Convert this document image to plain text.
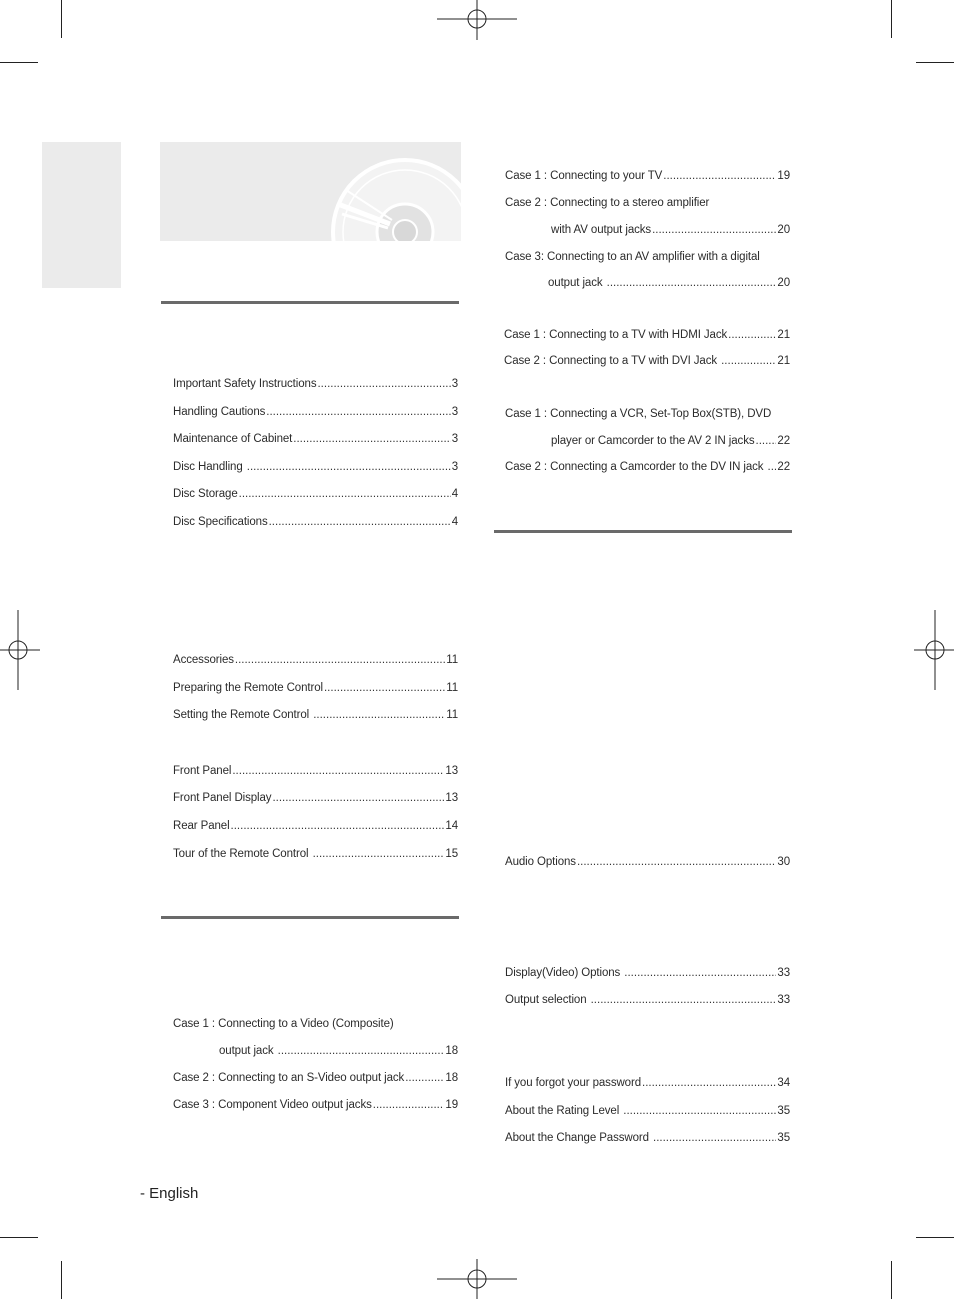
Important Safety Instructions .....	3
Handling Cautions .....	3
Maintenance of Cabinet .....	3
Disc Handling .....	3
Disc Storage .....	4
Disc Specifications .....	4
Accessories .....	11
Preparing the Remote Control .....	11
Setting the Remote Control .....	11
Front Panel .....	13
Front Panel Display .....	13
Rear Panel .....	14
Tour of the Remote Control .....	15
Case 1 : Connecting to a Video (Composite)
output jack .....	18
Case 2 : Connecting to an S-Video output jack .....	18
Case 3 : Component Video output jacks .....	19
Case 1 : Connecting to your TV .....	19
Case 2 : Connecting to a stereo amplifier
with AV output jacks .....	20
Case 3: Connecting to an AV amplifier with a digital
output jack .....	20
Case 1 : Connecting to a TV with HDMI Jack .....	21
Case 2 : Connecting to a TV with DVI Jack .....	21
Case 1 : Connecting a VCR, Set-Top Box(STB), DVD
player or Camcorder to the AV 2 IN jacks ..... 22
Case 2 : Connecting a Camcorder to the DV IN jack ..... 22
Audio Options .....	30
Display(Video) Options .....	33
Output selection .....	33
If you forgot your password .....	34
About the Rating Level .....	35
About the Change Password .....	35
- English
